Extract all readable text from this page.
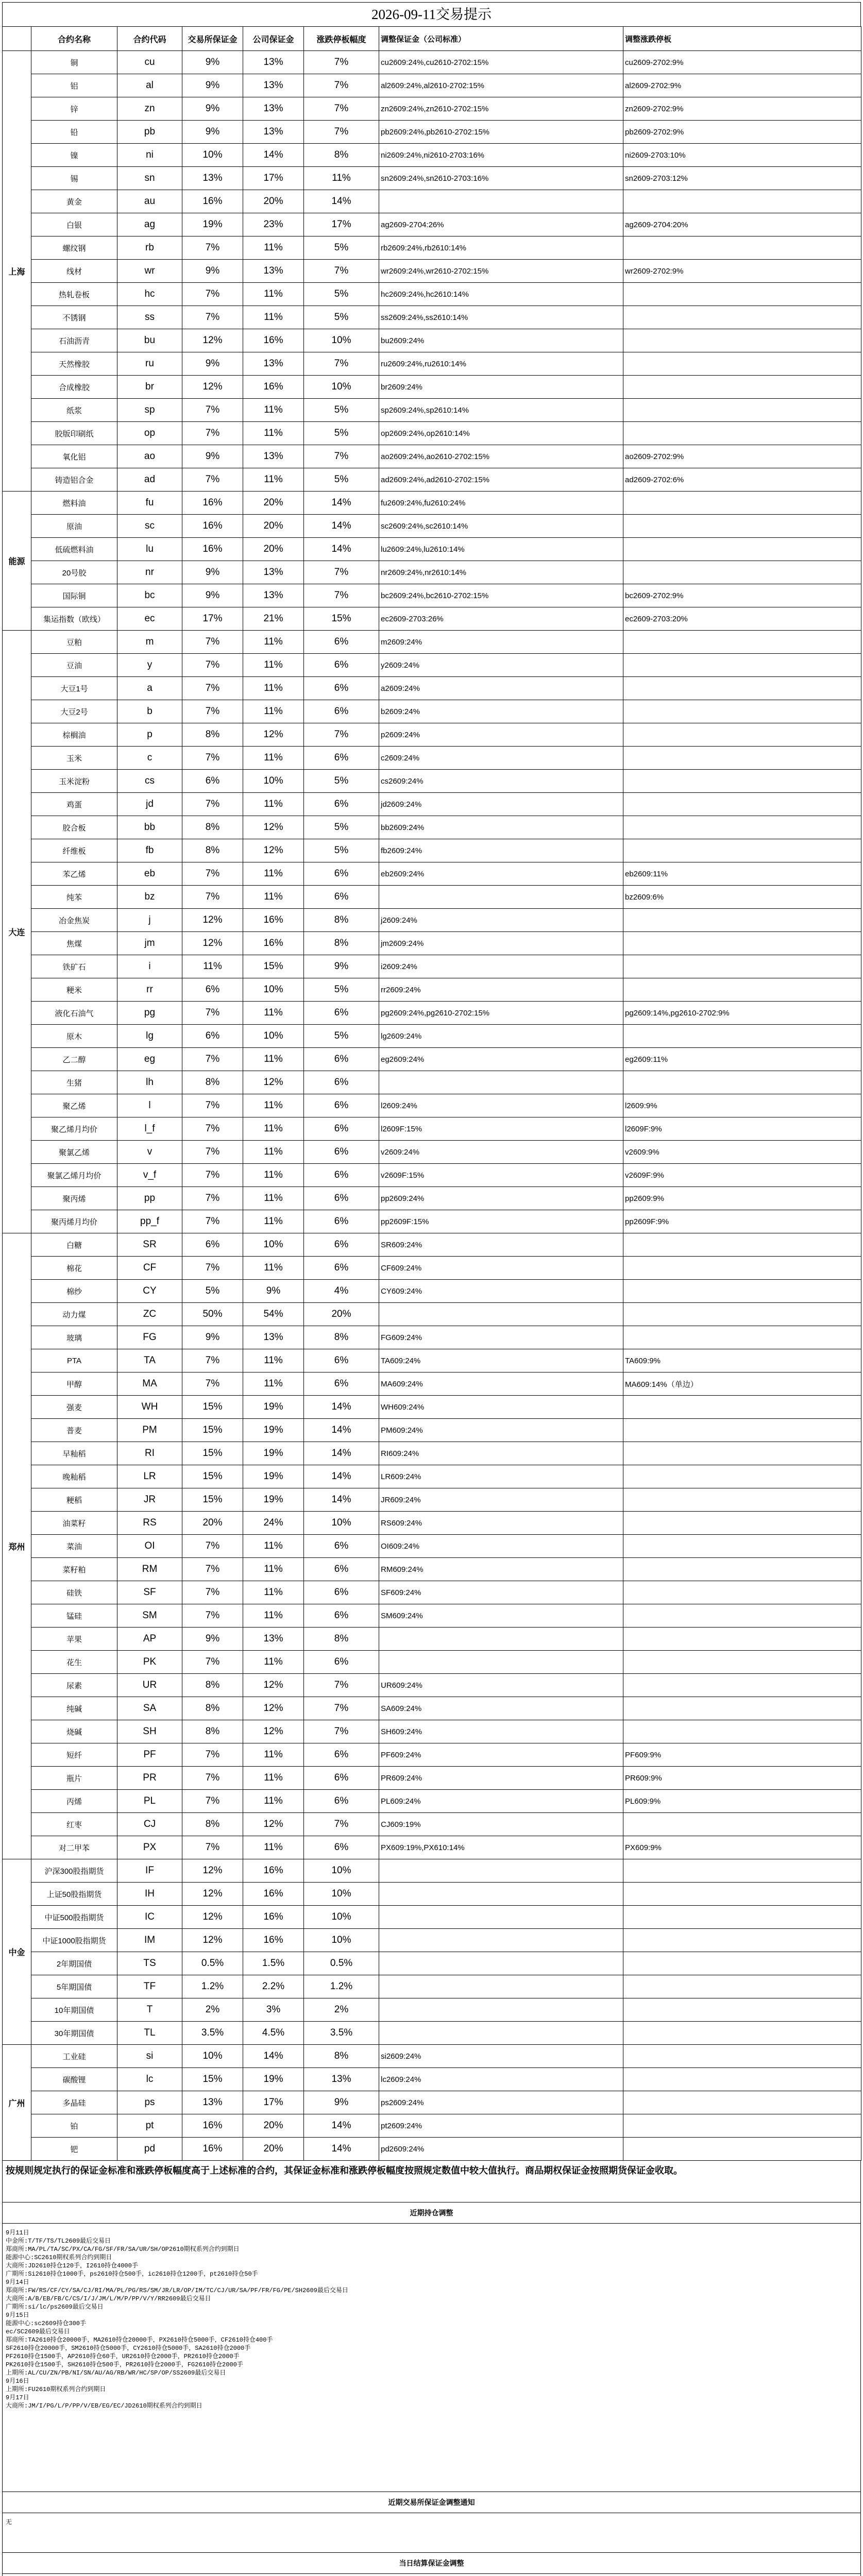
2026-09-11交易提示
	合约名称	合约代码	交易所保证金	公司保证金	涨跌停板幅度	调整保证金（公司标准）	调整涨跌停板
上海	铜	cu	9%	13%	7%	cu2609:24%,cu2610-2702:15%	cu2609-2702:9%
	铝	al	9%	13%	7%	al2609:24%,al2610-2702:15%	al2609-2702:9%
	锌	zn	9%	13%	7%	zn2609:24%,zn2610-2702:15%	zn2609-2702:9%
	铅	pb	9%	13%	7%	pb2609:24%,pb2610-2702:15%	pb2609-2702:9%
	镍	ni	10%	14%	8%	ni2609:24%,ni2610-2703:16%	ni2609-2703:10%
	锡	sn	13%	17%	11%	sn2609:24%,sn2610-2703:16%	sn2609-2703:12%
	黄金	au	16%	20%	14%		
	白银	ag	19%	23%	17%	ag2609-2704:26%	ag2609-2704:20%
	螺纹钢	rb	7%	11%	5%	rb2609:24%,rb2610:14%	
	线材	wr	9%	13%	7%	wr2609:24%,wr2610-2702:15%	wr2609-2702:9%
	热轧卷板	hc	7%	11%	5%	hc2609:24%,hc2610:14%	
	不锈钢	ss	7%	11%	5%	ss2609:24%,ss2610:14%	
	石油沥青	bu	12%	16%	10%	bu2609:24%	
	天然橡胶	ru	9%	13%	7%	ru2609:24%,ru2610:14%	
	合成橡胶	br	12%	16%	10%	br2609:24%	
	纸浆	sp	7%	11%	5%	sp2609:24%,sp2610:14%	
	胶版印刷纸	op	7%	11%	5%	op2609:24%,op2610:14%	
	氧化铝	ao	9%	13%	7%	ao2609:24%,ao2610-2702:15%	ao2609-2702:9%
	铸造铝合金	ad	7%	11%	5%	ad2609:24%,ad2610-2702:15%	ad2609-2702:6%
能源	燃料油	fu	16%	20%	14%	fu2609:24%,fu2610:24%	
	原油	sc	16%	20%	14%	sc2609:24%,sc2610:14%	
	低硫燃料油	lu	16%	20%	14%	lu2609:24%,lu2610:14%	
	20号胶	nr	9%	13%	7%	nr2609:24%,nr2610:14%	
	国际铜	bc	9%	13%	7%	bc2609:24%,bc2610-2702:15%	bc2609-2702:9%
	集运指数（欧线）	ec	17%	21%	15%	ec2609-2703:26%	ec2609-2703:20%
大连	豆粕	m	7%	11%	6%	m2609:24%	
	豆油	y	7%	11%	6%	y2609:24%	
	大豆1号	a	7%	11%	6%	a2609:24%	
	大豆2号	b	7%	11%	6%	b2609:24%	
	棕榈油	p	8%	12%	7%	p2609:24%	
	玉米	c	7%	11%	6%	c2609:24%	
	玉米淀粉	cs	6%	10%	5%	cs2609:24%	
	鸡蛋	jd	7%	11%	6%	jd2609:24%	
	胶合板	bb	8%	12%	5%	bb2609:24%	
	纤维板	fb	8%	12%	5%	fb2609:24%	
	苯乙烯	eb	7%	11%	6%	eb2609:24%	eb2609:11%
	纯苯	bz	7%	11%	6%		bz2609:6%
	冶金焦炭	j	12%	16%	8%	j2609:24%	
	焦煤	jm	12%	16%	8%	jm2609:24%	
	铁矿石	i	11%	15%	9%	i2609:24%	
	粳米	rr	6%	10%	5%	rr2609:24%	
	液化石油气	pg	7%	11%	6%	pg2609:24%,pg2610-2702:15%	pg2609:14%,pg2610-2702:9%
	原木	lg	6%	10%	5%	lg2609:24%	
	乙二醇	eg	7%	11%	6%	eg2609:24%	eg2609:11%
	生猪	lh	8%	12%	6%		
	聚乙烯	l	7%	11%	6%	l2609:24%	l2609:9%
	聚乙烯月均价	l_f	7%	11%	6%	l2609F:15%	l2609F:9%
	聚氯乙烯	v	7%	11%	6%	v2609:24%	v2609:9%
	聚氯乙烯月均价	v_f	7%	11%	6%	v2609F:15%	v2609F:9%
	聚丙烯	pp	7%	11%	6%	pp2609:24%	pp2609:9%
	聚丙烯月均价	pp_f	7%	11%	6%	pp2609F:15%	pp2609F:9%
郑州	白糖	SR	6%	10%	6%	SR609:24%	
	棉花	CF	7%	11%	6%	CF609:24%	
	棉纱	CY	5%	9%	4%	CY609:24%	
	动力煤	ZC	50%	54%	20%		
	玻璃	FG	9%	13%	8%	FG609:24%	
	PTA	TA	7%	11%	6%	TA609:24%	TA609:9%
	甲醇	MA	7%	11%	6%	MA609:24%	MA609:14%（单边）
	强麦	WH	15%	19%	14%	WH609:24%	
	普麦	PM	15%	19%	14%	PM609:24%	
	早籼稻	RI	15%	19%	14%	RI609:24%	
	晚籼稻	LR	15%	19%	14%	LR609:24%	
	粳稻	JR	15%	19%	14%	JR609:24%	
	油菜籽	RS	20%	24%	10%	RS609:24%	
	菜油	OI	7%	11%	6%	OI609:24%	
	菜籽粕	RM	7%	11%	6%	RM609:24%	
	硅铁	SF	7%	11%	6%	SF609:24%	
	锰硅	SM	7%	11%	6%	SM609:24%	
	苹果	AP	9%	13%	8%		
	花生	PK	7%	11%	6%		
	尿素	UR	8%	12%	7%	UR609:24%	
	纯碱	SA	8%	12%	7%	SA609:24%	
	烧碱	SH	8%	12%	7%	SH609:24%	
	短纤	PF	7%	11%	6%	PF609:24%	PF609:9%
	瓶片	PR	7%	11%	6%	PR609:24%	PR609:9%
	丙烯	PL	7%	11%	6%	PL609:24%	PL609:9%
	红枣	CJ	8%	12%	7%	CJ609:19%	
	对二甲苯	PX	7%	11%	6%	PX609:19%,PX610:14%	PX609:9%
中金	沪深300股指期货	IF	12%	16%	10%		
	上证50股指期货	IH	12%	16%	10%		
	中证500股指期货	IC	12%	16%	10%		
	中证1000股指期货	IM	12%	16%	10%		
	2年期国债	TS	0.5%	1.5%	0.5%		
	5年期国债	TF	1.2%	2.2%	1.2%		
	10年期国债	T	2%	3%	2%		
	30年期国债	TL	3.5%	4.5%	3.5%		
广州	工业硅	si	10%	14%	8%	si2609:24%	
	碳酸锂	lc	15%	19%	13%	lc2609:24%	
	多晶硅	ps	13%	17%	9%	ps2609:24%	
	铂	pt	16%	20%	14%	pt2609:24%	
	钯	pd	16%	20%	14%	pd2609:24%	
按规则规定执行的保证金标准和涨跌停板幅度高于上述标准的合约，其保证金标准和涨跌停板幅度按照规定数值中较大值执行。商品期权保证金按照期货保证金收取。
近期持仓调整
9月11日
中金所:T/TF/TS/TL2609最后交易日
郑商所:MA/PL/TA/SC/PX/CA/FG/SF/FR/SA/UR/SH/OP2610期权系列合约到期日
能源中心:SC2610期权系列合约到期日
大商所:JD2610持仓120手，I2610持仓4000手
广期所:Si2610持仓1000手，ps2610持仓500手，ic2610持仓1200手，pt2610持仓50手
9月14日
郑商所:FW/RS/CF/CY/SA/CJ/RI/MA/PL/PG/RS/SM/JR/LR/OP/IM/TC/CJ/UR/SA/PF/FR/FG/PE/SH2609最后交易日
大商所:A/B/EB/FB/C/CS/I/J/JM/L/M/P/PP/V/Y/RR2609最后交易日
广期所:si/lc/ps2609最后交易日
9月15日
能源中心:sc2609持仓300手
ec/SC2609最后交易日
郑商所:TA2610持仓20000手，MA2610持仓20000手，PX2610持仓5000手，CF2610持仓400手
SF2610持仓20000手，SM2610持仓5000手，CY2610持仓5000手，SA2610持仓2000手
PF2610持仓1500手，AP2610持仓60手，UR2610持仓2000手，PR2610持仓2000手
PK2610持仓1500手，SH2610持仓500手，PR2610持仓2000手，FG2610持仓2000手
上期所:AL/CU/ZN/PB/NI/SN/AU/AG/RB/WR/HC/SP/OP/SS2609最后交易日
9月16日
上期所:FU2610期权系列合约到期日
9月17日
大商所:JM/I/PG/L/P/PP/V/EB/EG/EC/JD2610期权系列合约到期日
近期交易所保证金调整通知
无
当日结算保证金调整
